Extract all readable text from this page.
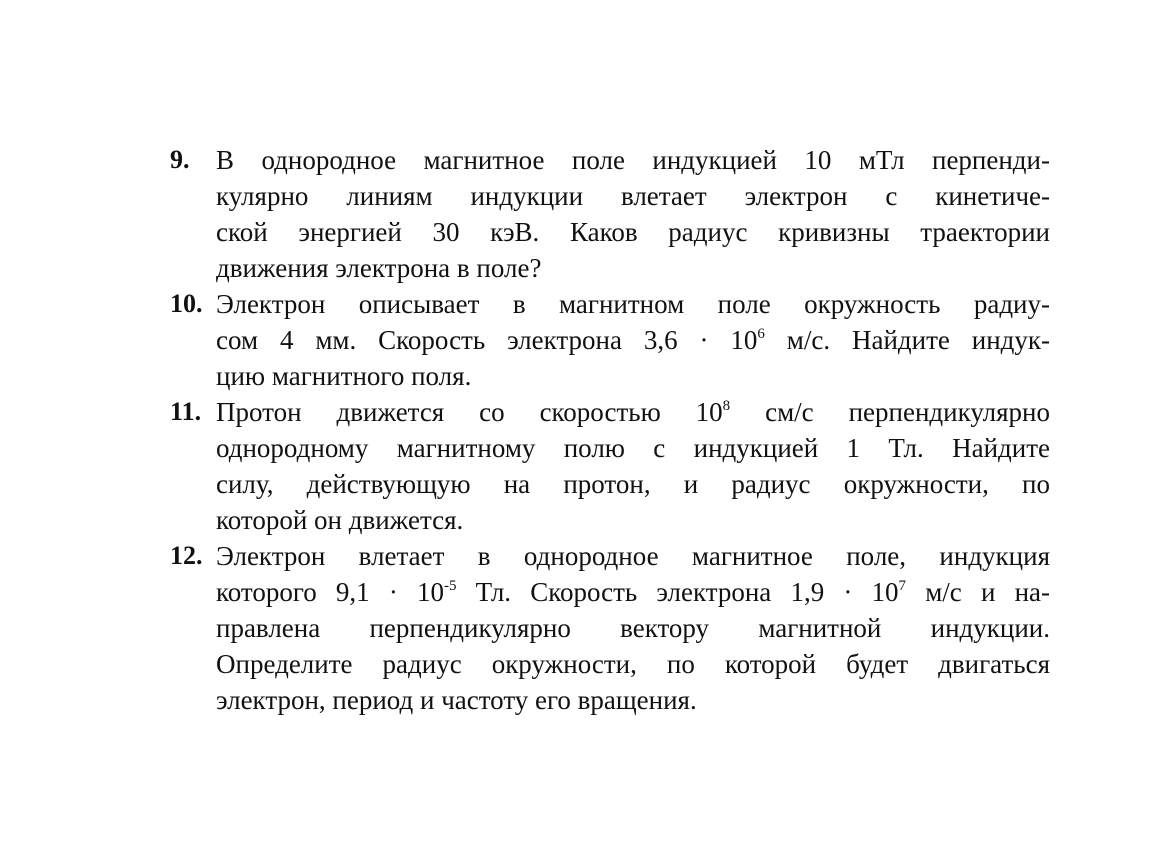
9. В однородное магнитное поле индукцией 10 мТл перпенди-
кулярно линиям индукции влетает электрон с кинетиче-
ской энергией 30 кэВ. Каков радиус кривизны траектории
движения электрона в поле?
10. Электрон описывает в магнитном поле окружность радиу-
сом 4 мм. Скорость электрона $3,6 \cdot 10^6$ м/с. Найдите индук-
цию магнитного поля.
11. Протон движется со скоростью $10^8$ см/с перпендикулярно
однородному магнитному полю с индукцией 1 Тл. Найдите
силу, действующую на протон, и радиус окружности, по
которой он движется.
12. Электрон влетает в однородное магнитное поле, индукция
которого $9,1 \cdot 10^{-5}$ Тл. Скорость электрона $1,9 \cdot 10^7$ м/с и на-
правлена перпендикулярно вектору магнитной индукции.
Определите радиус окружности, по которой будет двигаться
электрон, период и частоту его вращения.
